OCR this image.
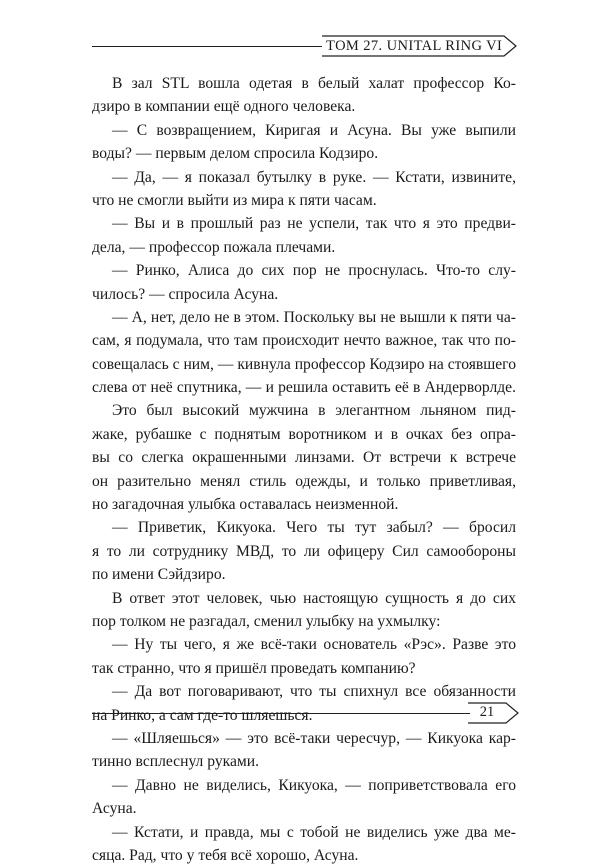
ТОМ 27. UNITAL RING VI
В зал STL вошла одетая в белый халат профессор Ко-
дзиро в компании ещё одного человека.
— С возвращением, Киригая и Асуна. Вы уже выпили
воды? — первым делом спросила Кодзиро.
— Да, — я показал бутылку в руке. — Кстати, извините,
что не смогли выйти из мира к пяти часам.
— Вы и в прошлый раз не успели, так что я это предви-
дела, — профессор пожала плечами.
— Ринко, Алиса до сих пор не проснулась. Что-то слу-
чилось? — спросила Асуна.
— А, нет, дело не в этом. Поскольку вы не вышли к пяти ча-
сам, я подумала, что там происходит нечто важное, так что по-
совещалась с ним, — кивнула профессор Кодзиро на стоявшего
слева от неё спутника, — и решила оставить её в Андерворлде.
Это был высокий мужчина в элегантном льняном пид-
жаке, рубашке с поднятым воротником и в очках без опра-
вы со слегка окрашенными линзами. От встречи к встрече
он разительно менял стиль одежды, и только приветливая,
но загадочная улыбка оставалась неизменной.
— Приветик, Кикуока. Чего ты тут забыл? — бросил
я то ли сотруднику МВД, то ли офицеру Сил самообороны
по имени Сэйдзиро.
В ответ этот человек, чью настоящую сущность я до сих
пор толком не разгадал, сменил улыбку на ухмылку:
— Ну ты чего, я же всё-таки основатель «Рэс». Разве это
так странно, что я пришёл проведать компанию?
— Да вот поговаривают, что ты спихнул все обязанности
на Ринко, а сам где-то шляешься.
— «Шляешься» — это всё-таки чересчур, — Кикуока кар-
тинно всплеснул руками.
— Давно не виделись, Кикуока, — поприветствовала его
Асуна.
— Кстати, и правда, мы с тобой не виделись уже два ме-
сяца. Рад, что у тебя всё хорошо, Асуна.
21
